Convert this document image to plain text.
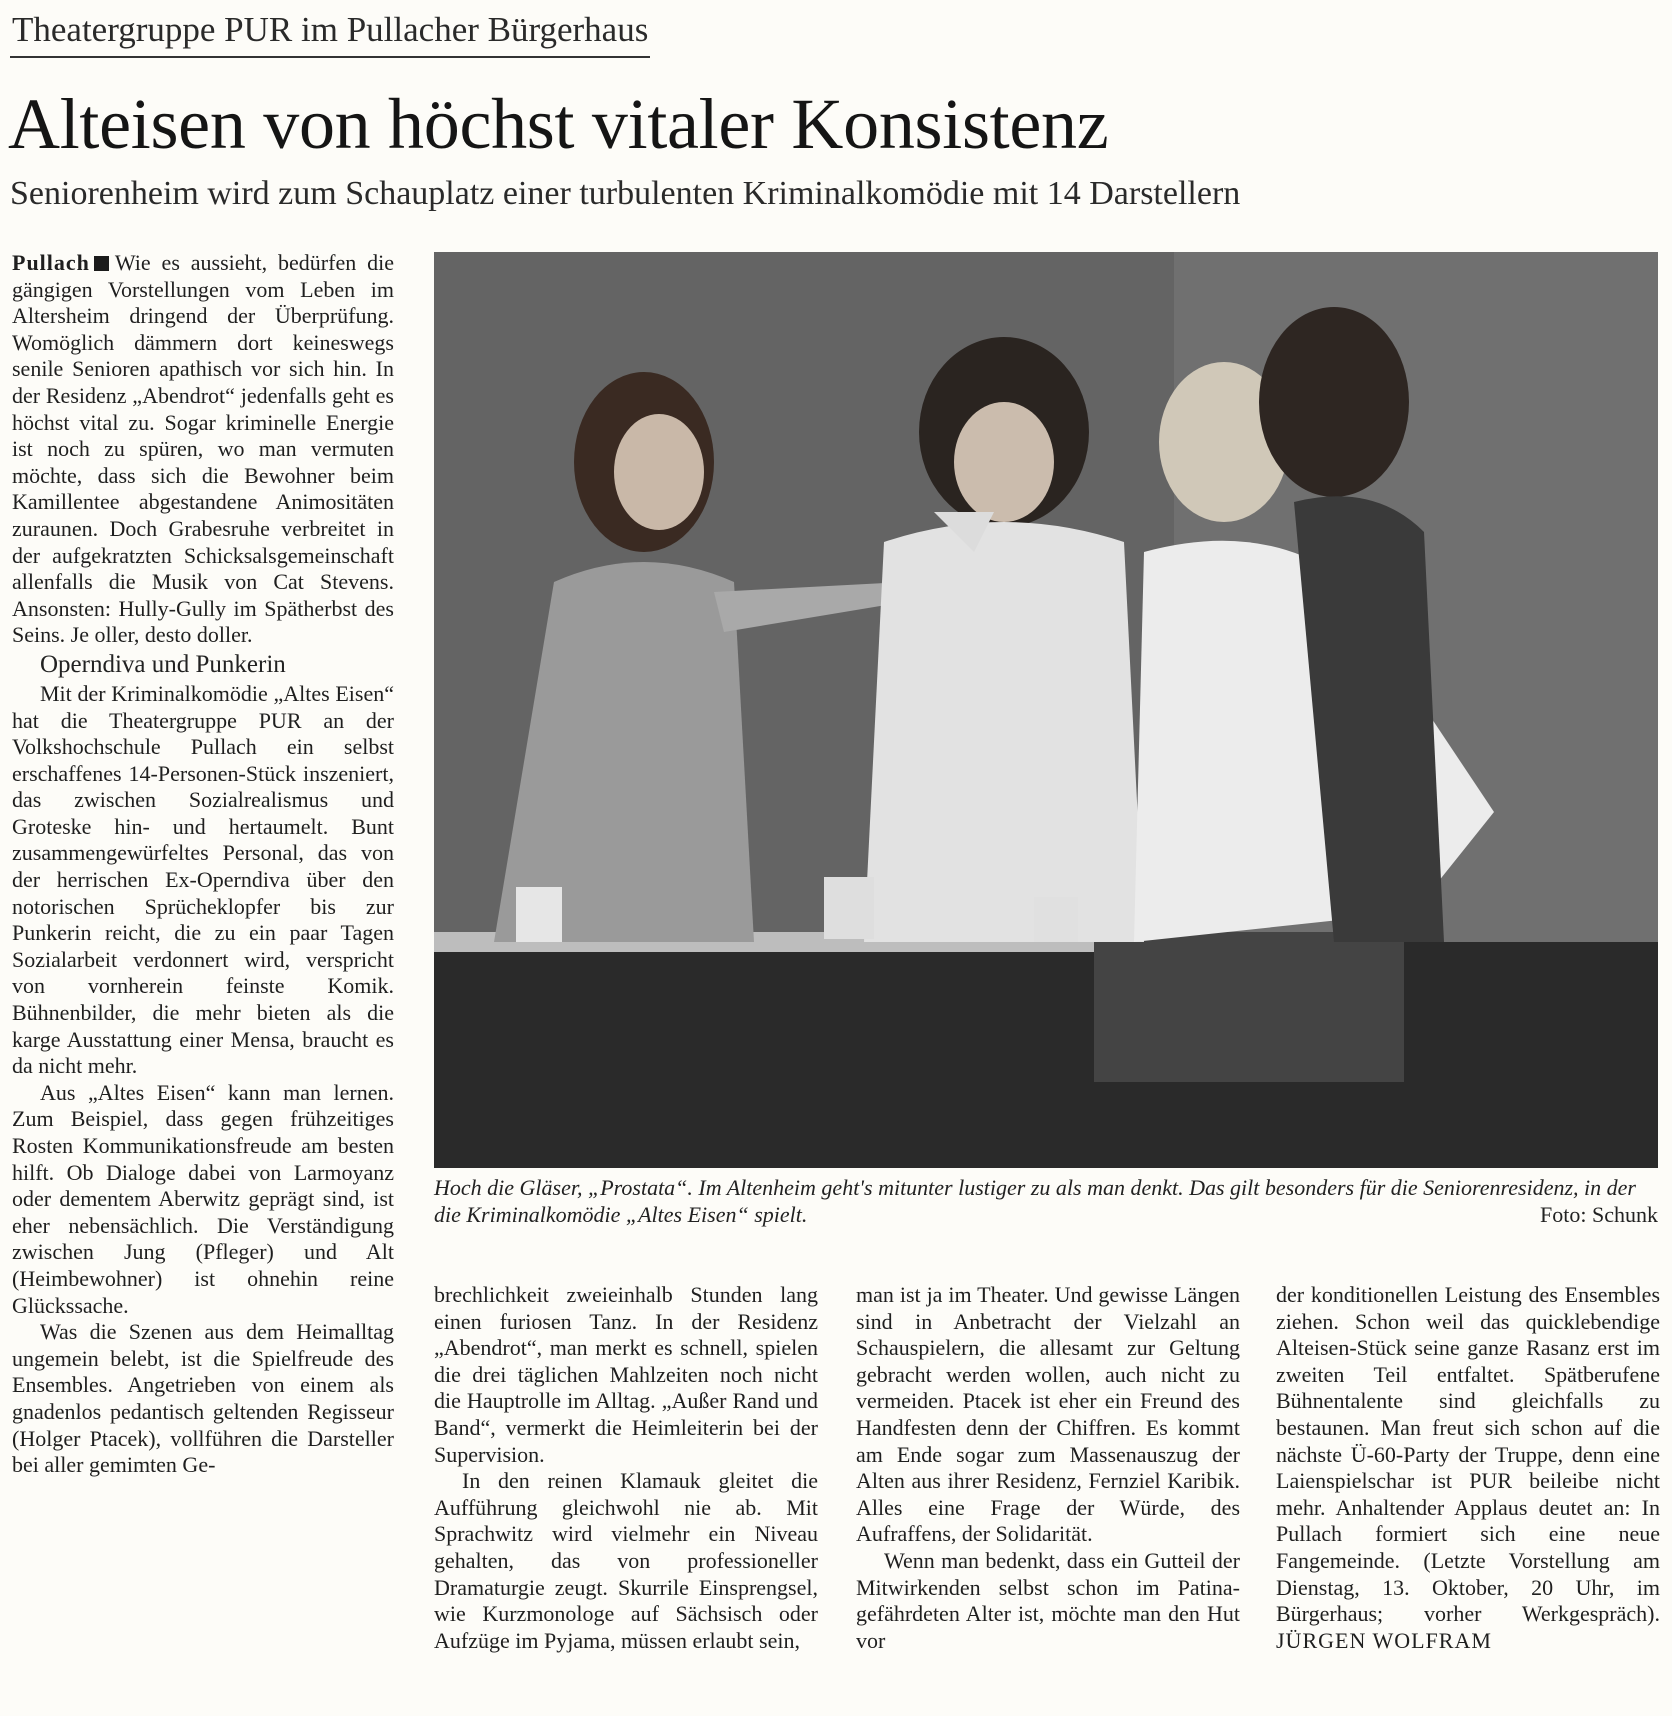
Theatergruppe PUR im Pullacher Bürgerhaus
Alteisen von höchst vitaler Konsistenz
Seniorenheim wird zum Schauplatz einer turbulenten Kriminalkomödie mit 14 Darstellern

Pullach Wie es aussieht, bedürfen die gängigen Vorstellungen vom Leben im Altersheim dringend der Überprüfung. Womöglich dämmern dort keineswegs senile Senioren apathisch vor sich hin. In der Residenz „Abendrot“ jedenfalls geht es höchst vital zu. Sogar kriminelle Energie ist noch zu spüren, wo man vermuten möchte, dass sich die Bewohner beim Kamillentee abgestandene Animositäten zuraunen. Doch Grabesruhe verbreitet in der aufgekratzten Schicksalsgemeinschaft allenfalls die Musik von Cat Stevens. Ansonsten: Hully-Gully im Spätherbst des Seins. Je oller, desto doller.

Operndiva und Punkerin

Mit der Kriminalkomödie „Altes Eisen“ hat die Theatergruppe PUR an der Volkshochschule Pullach ein selbst erschaffenes 14-Personen-Stück inszeniert, das zwischen Sozialrealismus und Groteske hin- und hertaumelt. Bunt zusammengewürfeltes Personal, das von der herrischen Ex-Operndiva über den notorischen Sprücheklopfer bis zur Punkerin reicht, die zu ein paar Tagen Sozialarbeit verdonnert wird, verspricht von vornherein feinste Komik. Bühnenbilder, die mehr bieten als die karge Ausstattung einer Mensa, braucht es da nicht mehr.

Aus „Altes Eisen“ kann man lernen. Zum Beispiel, dass gegen frühzeitiges Rosten Kommunikationsfreude am besten hilft. Ob Dialoge dabei von Larmoyanz oder dementem Aberwitz geprägt sind, ist eher nebensächlich. Die Verständigung zwischen Jung (Pfleger) und Alt (Heimbewohner) ist ohnehin reine Glückssache.

Was die Szenen aus dem Heimalltag ungemein belebt, ist die Spielfreude des Ensembles. Angetrieben von einem als gnadenlos pedantisch geltenden Regisseur (Holger Ptacek), vollführen die Darsteller bei aller gemimten Ge-

Hoch die Gläser, „Prostata“. Im Altenheim geht's mitunter lustiger zu als man denkt. Das gilt besonders für die Seniorenresidenz, in der die Kriminalkomödie „Altes Eisen“ spielt.	Foto: Schunk

brechlichkeit zweieinhalb Stunden lang einen furiosen Tanz. In der Residenz „Abendrot“, man merkt es schnell, spielen die drei täglichen Mahlzeiten noch nicht die Hauptrolle im Alltag. „Außer Rand und Band“, vermerkt die Heimleiterin bei der Supervision.

In den reinen Klamauk gleitet die Aufführung gleichwohl nie ab. Mit Sprachwitz wird vielmehr ein Niveau gehalten, das von professioneller Dramaturgie zeugt. Skurrile Einsprengsel, wie Kurzmonologe auf Sächsisch oder Aufzüge im Pyjama, müssen erlaubt sein,

man ist ja im Theater. Und gewisse Längen sind in Anbetracht der Vielzahl an Schauspielern, die allesamt zur Geltung gebracht werden wollen, auch nicht zu vermeiden. Ptacek ist eher ein Freund des Handfesten denn der Chiffren. Es kommt am Ende sogar zum Massenauszug der Alten aus ihrer Residenz, Fernziel Karibik. Alles eine Frage der Würde, des Aufraffens, der Solidarität.

Wenn man bedenkt, dass ein Gutteil der Mitwirkenden selbst schon im Patina-gefährdeten Alter ist, möchte man den Hut vor

der konditionellen Leistung des Ensembles ziehen. Schon weil das quicklebendige Alteisen-Stück seine ganze Rasanz erst im zweiten Teil entfaltet. Spätberufene Bühnentalente sind gleichfalls zu bestaunen. Man freut sich schon auf die nächste Ü-60-Party der Truppe, denn eine Laienspielschar ist PUR beileibe nicht mehr. Anhaltender Applaus deutet an: In Pullach formiert sich eine neue Fangemeinde. (Letzte Vorstellung am Dienstag, 13. Oktober, 20 Uhr, im Bürgerhaus; vorher Werkgespräch). JÜRGEN WOLFRAM
